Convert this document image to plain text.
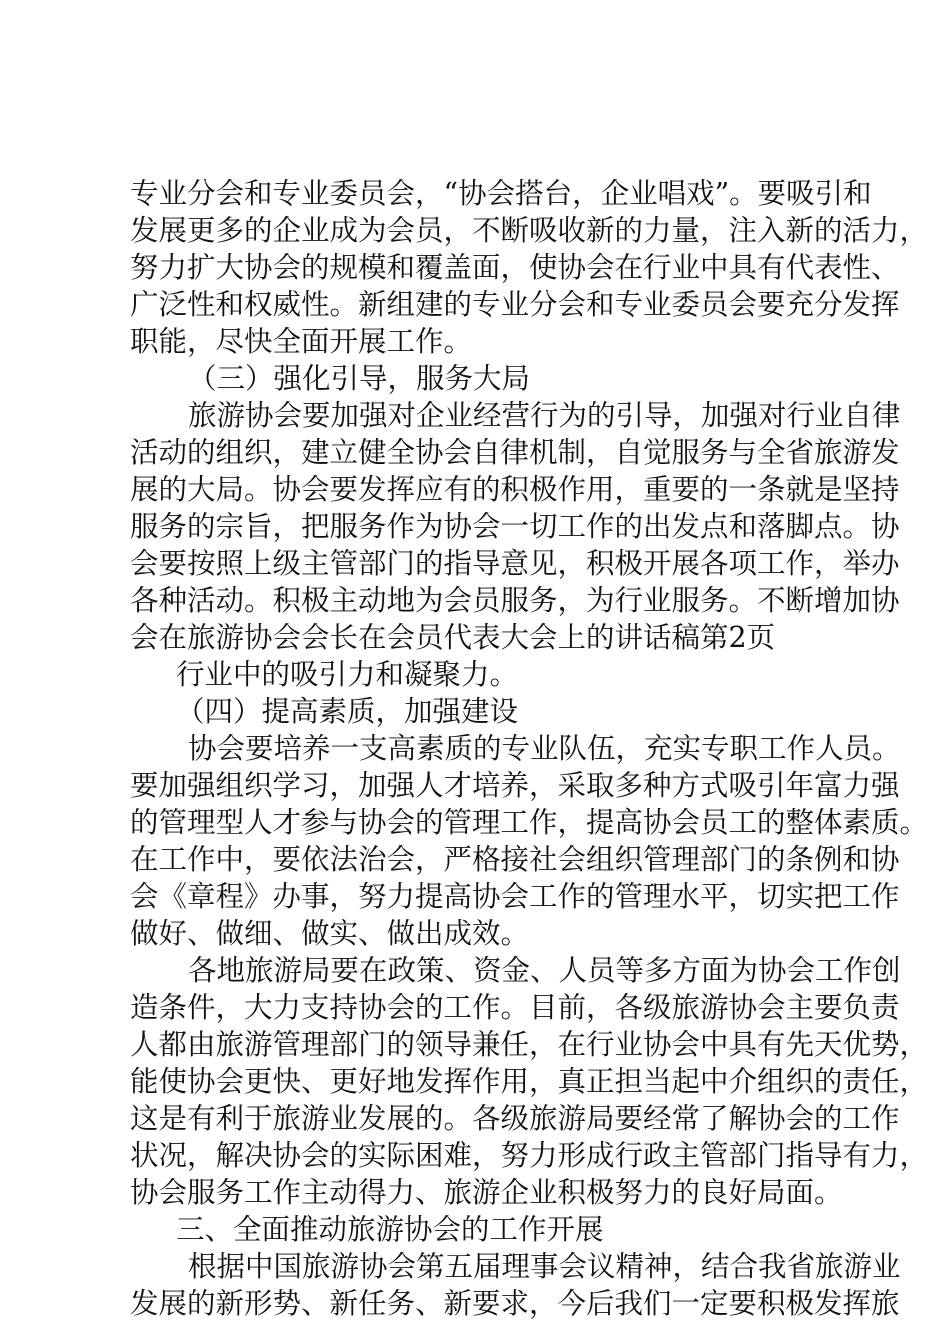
专业分会和专业委员会，“协会搭台，企业唱戏”。要吸引和
发展更多的企业成为会员，不断吸收新的力量，注入新的活力，
努力扩大协会的规模和覆盖面，使协会在行业中具有代表性、
广泛性和权威性。新组建的专业分会和专业委员会要充分发挥
职能，尽快全面开展工作。
（三）强化引导，服务大局
旅游协会要加强对企业经营行为的引导，加强对行业自律
活动的组织，建立健全协会自律机制，自觉服务与全省旅游发
展的大局。协会要发挥应有的积极作用，重要的一条就是坚持
服务的宗旨，把服务作为协会一切工作的出发点和落脚点。协
会要按照上级主管部门的指导意见，积极开展各项工作，举办
各种活动。积极主动地为会员服务，为行业服务。不断增加协
会在旅游协会会长在会员代表大会上的讲话稿第2页
行业中的吸引力和凝聚力。
（四）提高素质，加强建设
协会要培养一支高素质的专业队伍，充实专职工作人员。
要加强组织学习，加强人才培养，采取多种方式吸引年富力强
的管理型人才参与协会的管理工作，提高协会员工的整体素质。
在工作中，要依法治会，严格接社会组织管理部门的条例和协
会《章程》办事，努力提高协会工作的管理水平，切实把工作
做好、做细、做实、做出成效。
各地旅游局要在政策、资金、人员等多方面为协会工作创
造条件，大力支持协会的工作。目前，各级旅游协会主要负责
人都由旅游管理部门的领导兼任，在行业协会中具有先天优势，
能使协会更快、更好地发挥作用，真正担当起中介组织的责任，
这是有利于旅游业发展的。各级旅游局要经常了解协会的工作
状况，解决协会的实际困难，努力形成行政主管部门指导有力，
协会服务工作主动得力、旅游企业积极努力的良好局面。
三、全面推动旅游协会的工作开展
根据中国旅游协会第五届理事会议精神，结合我省旅游业
发展的新形势、新任务、新要求，今后我们一定要积极发挥旅
